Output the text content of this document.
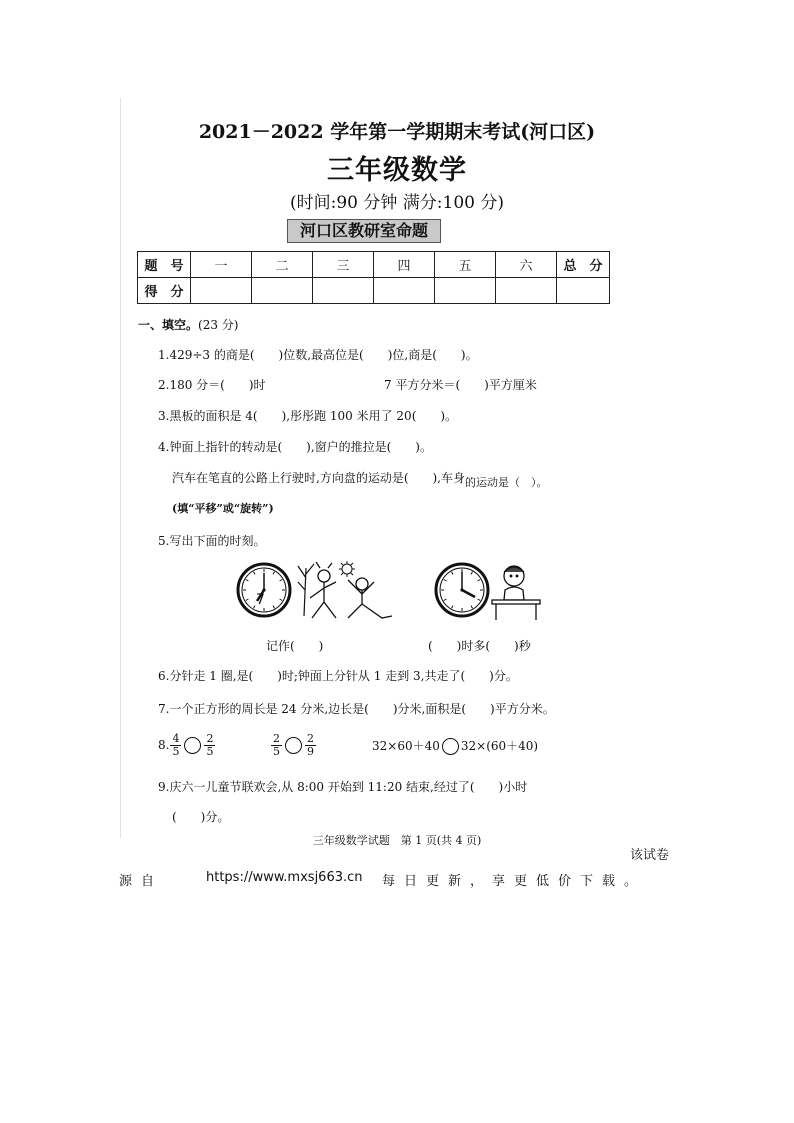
2021－2022 学年第一学期期末考试(河口区)
三年级数学
(时间:90 分钟 满分:100 分)
河口区教研室命题
题　号	一	二	三	四	五	六	总　分
得　分							
一、填空。(23 分)
1.429÷3 的商是(　　)位数,最高位是(　　)位,商是(　　)。
2.180 分＝(　　)时	7 平方分米＝(　　)平方厘米
3.黑板的面积是 4(　　),彤彤跑 100 米用了 20(　　)。
4.钟面上指针的转动是(　　),窗户的推拉是(　　)。
汽车在笔直的公路上行驶时,方向盘的运动是(　　),车身的运动是（　）。
(填“平移”或“旋转”)
5.写出下面的时刻。
7
记作(　　)	(　　)时多(　　)秒
6.分针走 1 圈,是(　　)时;钟面上分针从 1 走到 3,共走了(　　)分。
7.一个正方形的周长是 24 分米,边长是(　　)分米,面积是(　　)平方分米。
8. $\frac{4}{5} \frac{2}{5}$	$\frac{2}{5} \frac{2}{9}$	32×60＋40 32×(60＋40)
9.庆六一儿童节联欢会,从 8:00 开始到 11:20 结束,经过了(　　)小时
(　　)分。
三年级数学试题　第 1 页(共 4 页)
该试卷
源自	https://www.mxsj663.cn 每日更新，享更低价下载。
